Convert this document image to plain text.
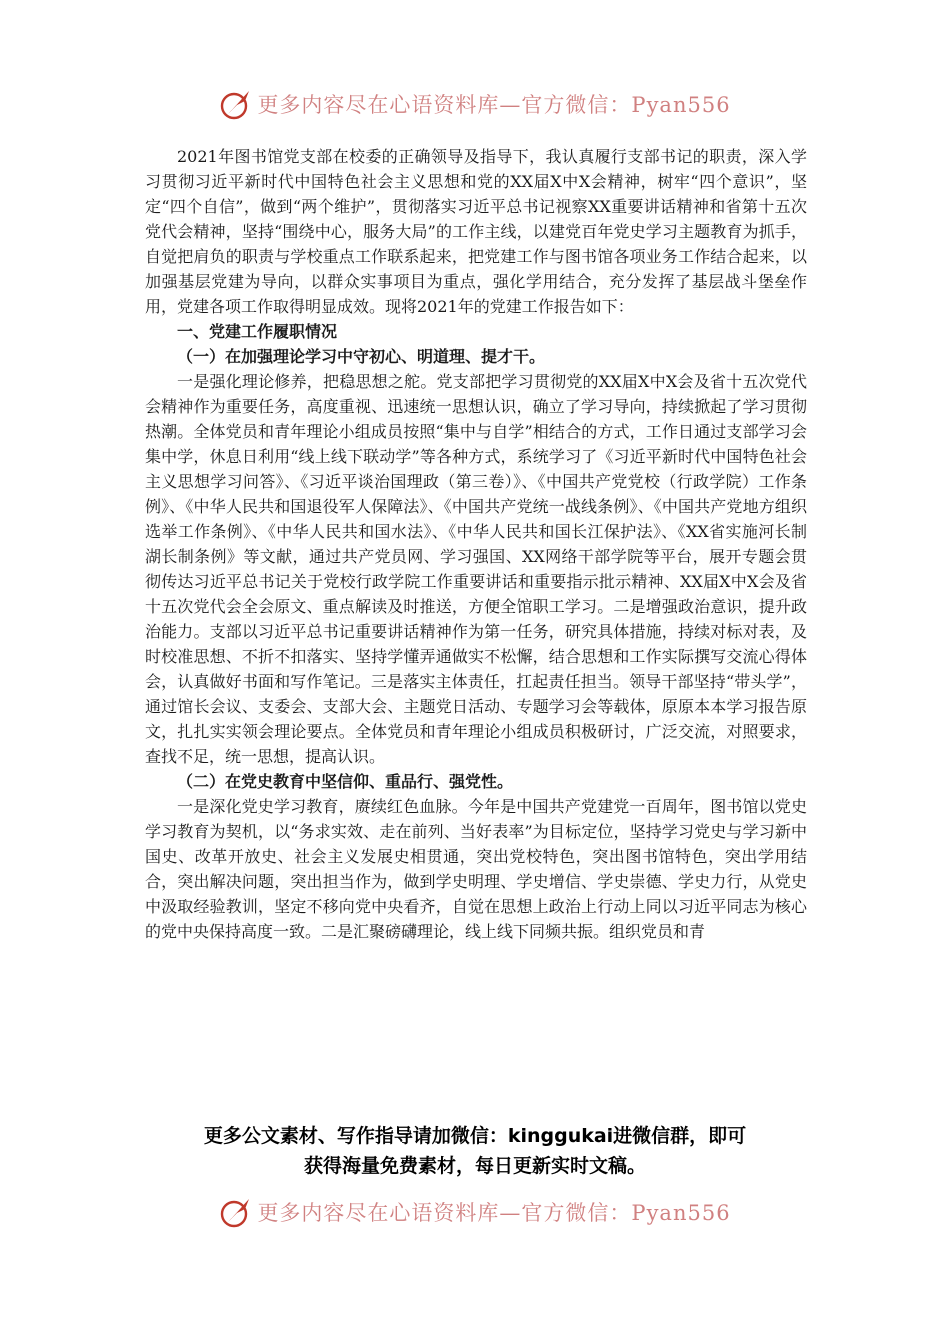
更多内容尽在心语资料库—官方微信：Pyan556

2021年图书馆党支部在校委的正确领导及指导下，我认真履行支部书记的职责，深入学习贯彻习近平新时代中国特色社会主义思想和党的XX届X中X会精神，树牢“四个意识”，坚定“四个自信”，做到“两个维护”，贯彻落实习近平总书记视察XX重要讲话精神和省第十五次党代会精神，坚持“围绕中心，服务大局”的工作主线，以建党百年党史学习主题教育为抓手，自觉把肩负的职责与学校重点工作联系起来，把党建工作与图书馆各项业务工作结合起来，以加强基层党建为导向，以群众实事项目为重点，强化学用结合，充分发挥了基层战斗堡垒作用，党建各项工作取得明显成效。现将2021年的党建工作报告如下：

一、党建工作履职情况
（一）在加强理论学习中守初心、明道理、提才干。

一是强化理论修养，把稳思想之舵。党支部把学习贯彻党的XX届X中X会及省十五次党代会精神作为重要任务，高度重视、迅速统一思想认识，确立了学习导向，持续掀起了学习贯彻热潮。全体党员和青年理论小组成员按照“集中与自学”相结合的方式，工作日通过支部学习会集中学，休息日利用“线上线下联动学”等各种方式，系统学习了《习近平新时代中国特色社会主义思想学习问答》、《习近平谈治国理政（第三卷）》、《中国共产党党校（行政学院）工作条例》、《中华人民共和国退役军人保障法》、《中国共产党统一战线条例》、《中国共产党地方组织选举工作条例》、《中华人民共和国水法》、《中华人民共和国长江保护法》、《XX省实施河长制湖长制条例》等文献，通过共产党员网、学习强国、XX网络干部学院等平台，展开专题会贯彻传达习近平总书记关于党校行政学院工作重要讲话和重要指示批示精神、XX届X中X会及省十五次党代会全会原文、重点解读及时推送，方便全馆职工学习。二是增强政治意识，提升政治能力。支部以习近平总书记重要讲话精神作为第一任务，研究具体措施，持续对标对表，及时校准思想、不折不扣落实、坚持学懂弄通做实不松懈，结合思想和工作实际撰写交流心得体会，认真做好书面和写作笔记。三是落实主体责任，扛起责任担当。领导干部坚持“带头学”，通过馆长会议、支委会、支部大会、主题党日活动、专题学习会等载体，原原本本学习报告原文，扎扎实实领会理论要点。全体党员和青年理论小组成员积极研讨，广泛交流，对照要求，查找不足，统一思想，提高认识。

（二）在党史教育中坚信仰、重品行、强党性。

一是深化党史学习教育，赓续红色血脉。今年是中国共产党建党一百周年，图书馆以党史学习教育为契机，以“务求实效、走在前列、当好表率”为目标定位，坚持学习党史与学习新中国史、改革开放史、社会主义发展史相贯通，突出党校特色，突出图书馆特色，突出学用结合，突出解决问题，突出担当作为，做到学史明理、学史增信、学史崇德、学史力行，从党史中汲取经验教训，坚定不移向党中央看齐，自觉在思想上政治上行动上同以习近平同志为核心的党中央保持高度一致。二是汇聚磅礴理论，线上线下同频共振。组织党员和青

更多公文素材、写作指导请加微信：kinggukai进微信群，即可
获得海量免费素材，每日更新实时文稿。
更多内容尽在心语资料库—官方微信：Pyan556
